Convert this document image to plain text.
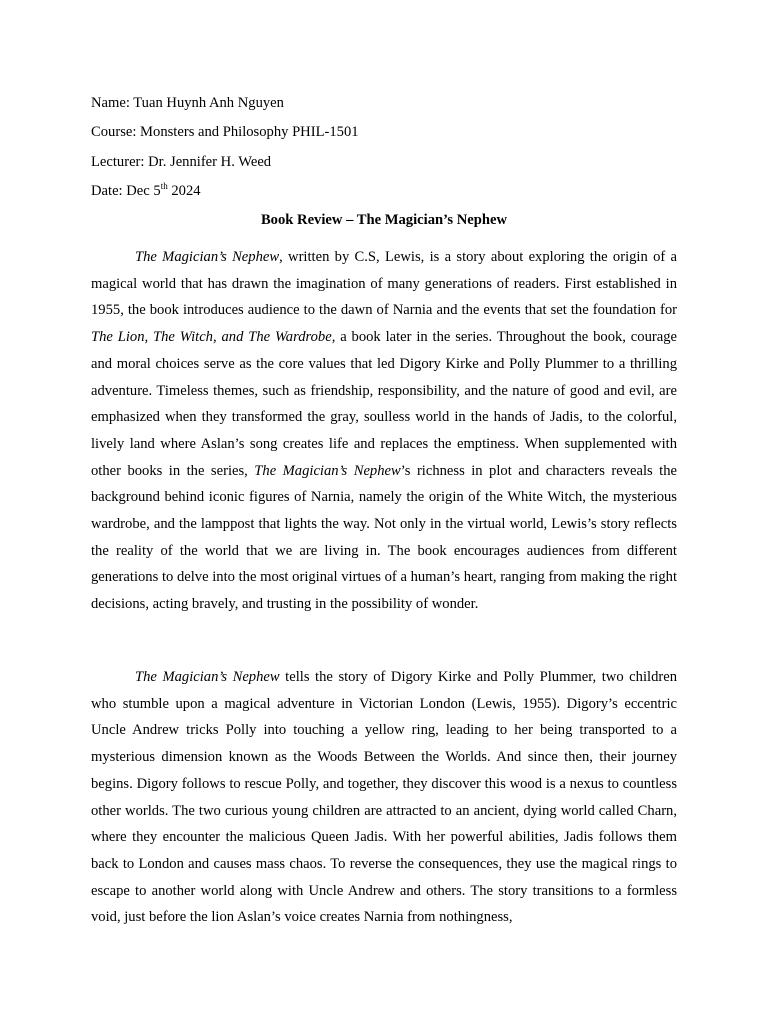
Name: Tuan Huynh Anh Nguyen
Course: Monsters and Philosophy PHIL-1501
Lecturer: Dr. Jennifer H. Weed
Date: Dec 5th 2024
Book Review – The Magician’s Nephew
The Magician’s Nephew, written by C.S, Lewis, is a story about exploring the origin of a magical world that has drawn the imagination of many generations of readers. First established in 1955, the book introduces audience to the dawn of Narnia and the events that set the foundation for The Lion, The Witch, and The Wardrobe, a book later in the series. Throughout the book, courage and moral choices serve as the core values that led Digory Kirke and Polly Plummer to a thrilling adventure. Timeless themes, such as friendship, responsibility, and the nature of good and evil, are emphasized when they transformed the gray, soulless world in the hands of Jadis, to the colorful, lively land where Aslan’s song creates life and replaces the emptiness. When supplemented with other books in the series, The Magician’s Nephew’s richness in plot and characters reveals the background behind iconic figures of Narnia, namely the origin of the White Witch, the mysterious wardrobe, and the lamppost that lights the way. Not only in the virtual world, Lewis’s story reflects the reality of the world that we are living in. The book encourages audiences from different generations to delve into the most original virtues of a human’s heart, ranging from making the right decisions, acting bravely, and trusting in the possibility of wonder.
The Magician’s Nephew tells the story of Digory Kirke and Polly Plummer, two children who stumble upon a magical adventure in Victorian London (Lewis, 1955). Digory’s eccentric Uncle Andrew tricks Polly into touching a yellow ring, leading to her being transported to a mysterious dimension known as the Woods Between the Worlds. And since then, their journey begins. Digory follows to rescue Polly, and together, they discover this wood is a nexus to countless other worlds. The two curious young children are attracted to an ancient, dying world called Charn, where they encounter the malicious Queen Jadis. With her powerful abilities, Jadis follows them back to London and causes mass chaos. To reverse the consequences, they use the magical rings to escape to another world along with Uncle Andrew and others. The story transitions to a formless void, just before the lion Aslan’s voice creates Narnia from nothingness,
